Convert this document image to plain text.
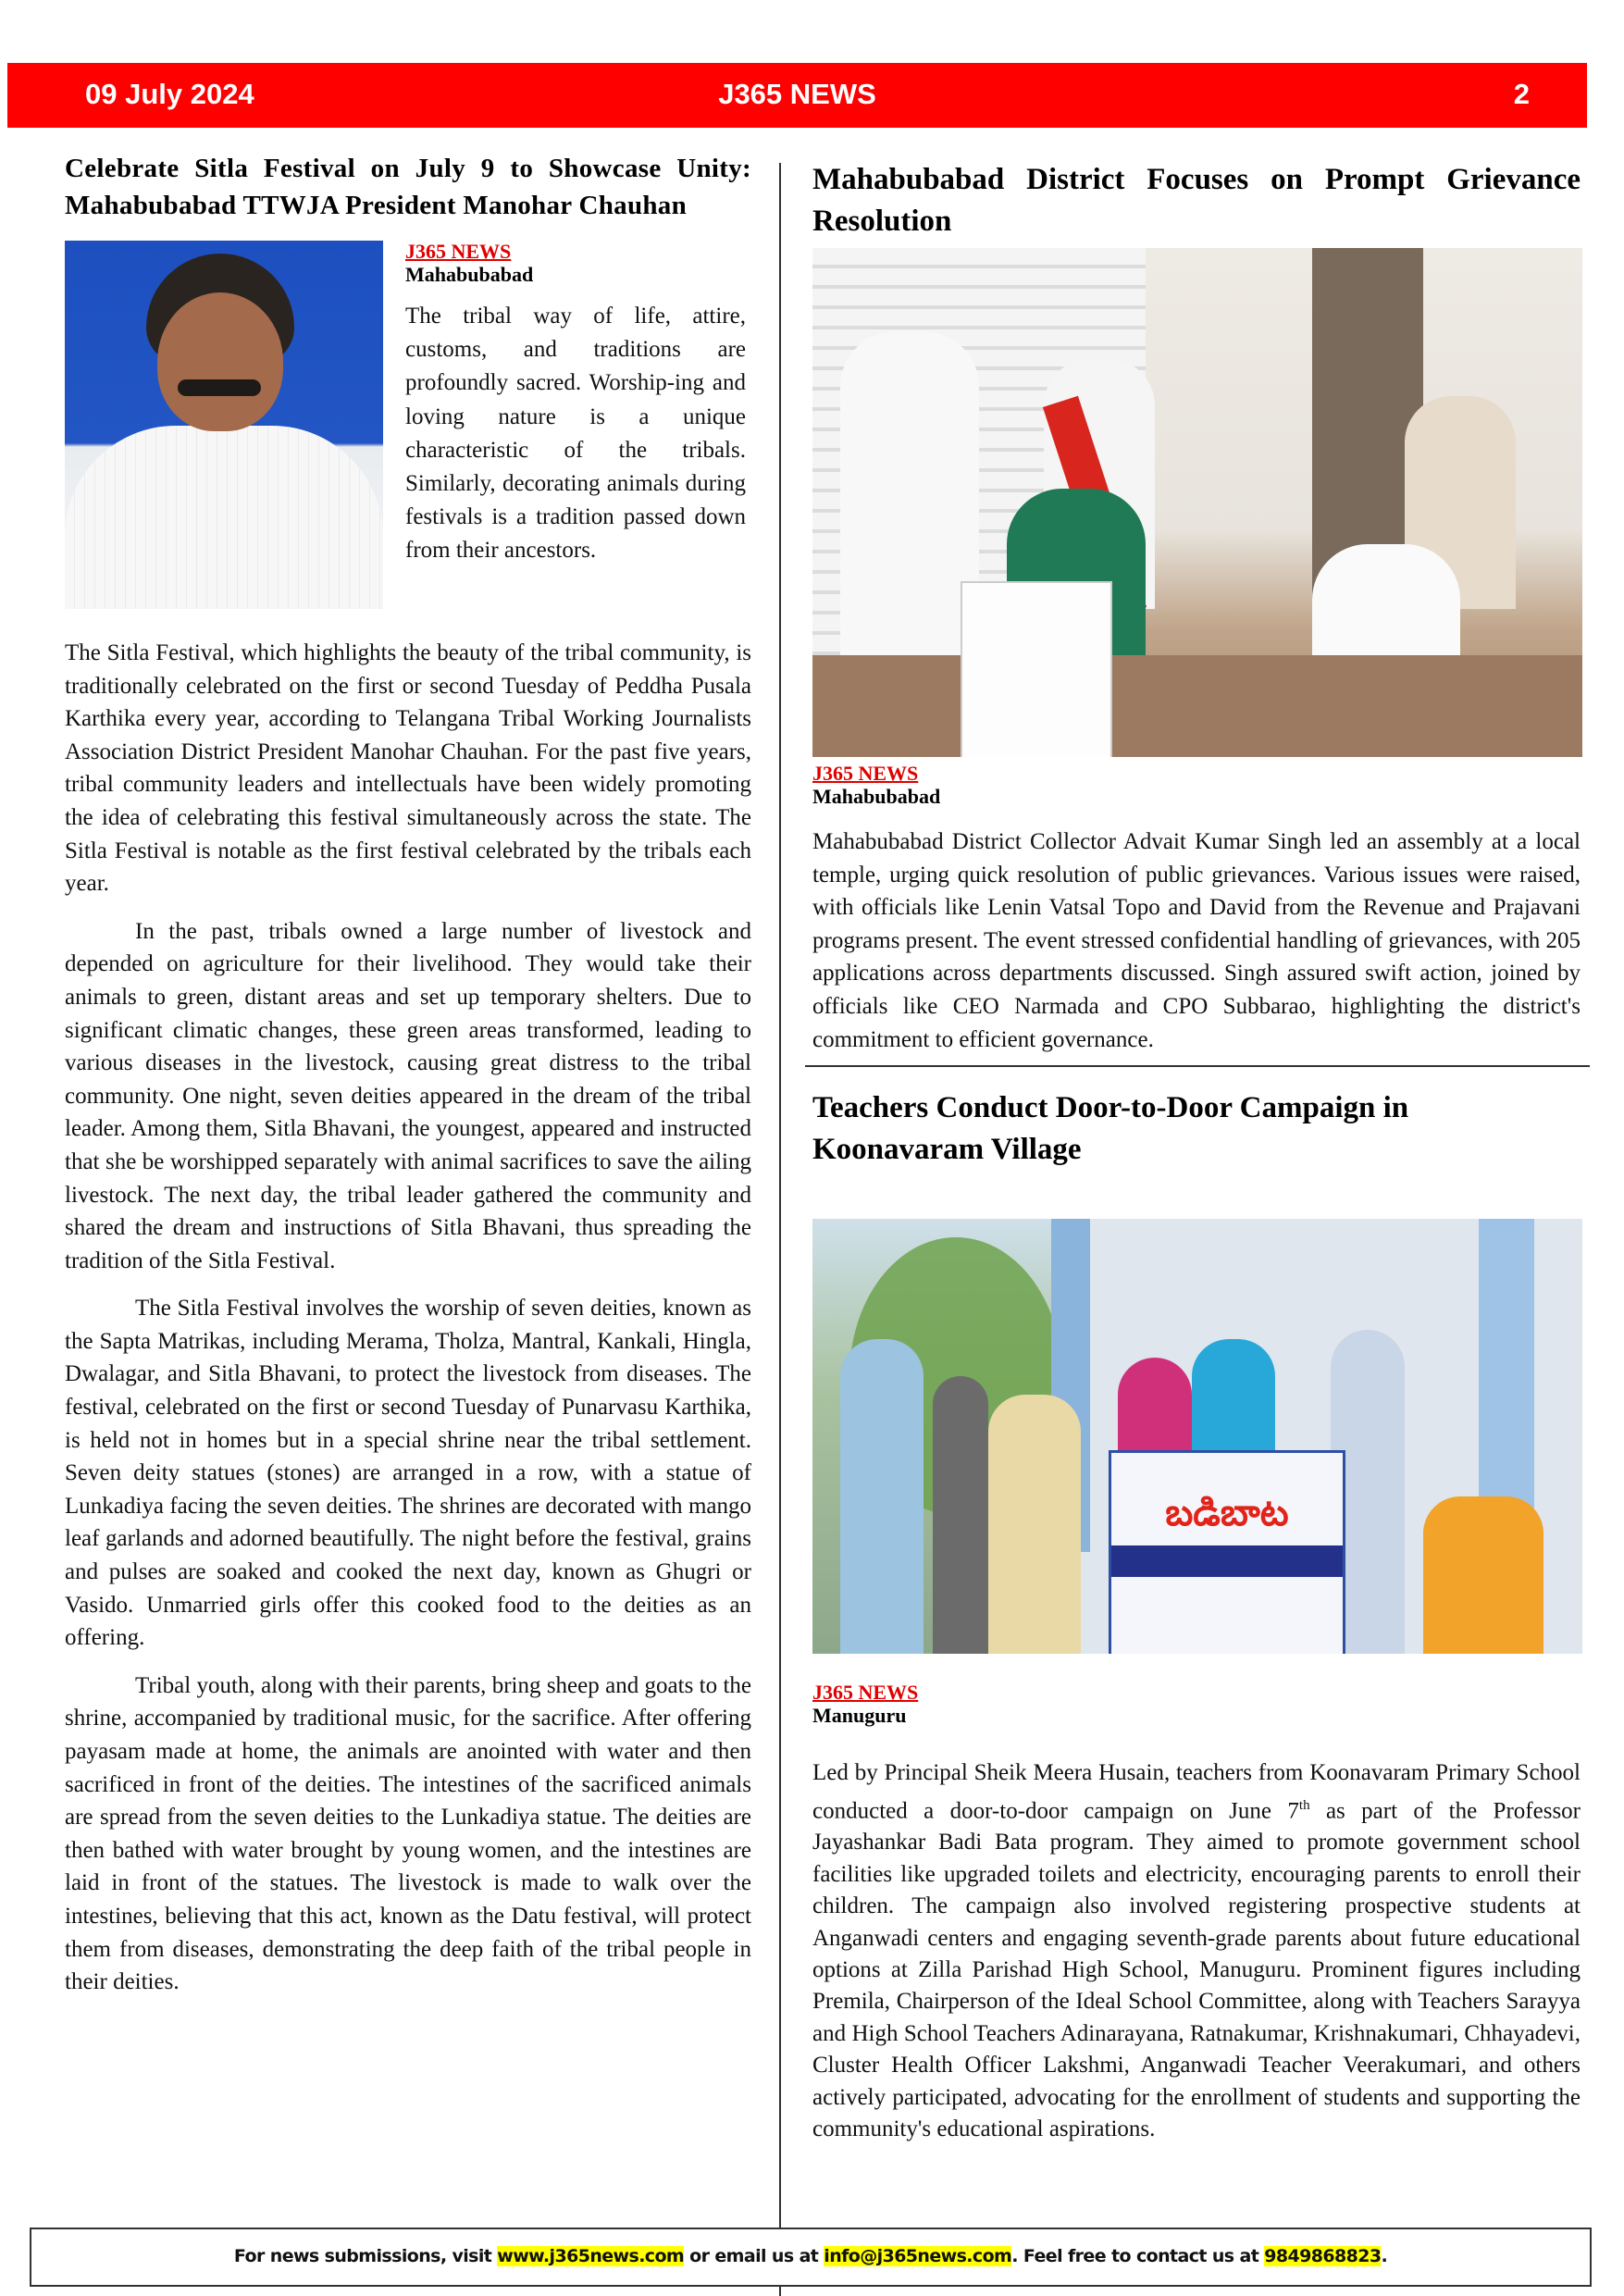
09 July 2024	J365 NEWS	2
Celebrate Sitla Festival on July 9 to Showcase Unity: Mahabubabad TTWJA President Manohar Chauhan
J365 NEWS
Mahabubabad

The tribal way of life, attire, customs, and traditions are profoundly sacred. Worship-ing and loving nature is a unique characteristic of the tribals. Similarly, decorating animals during festivals is a tradition passed down from their ancestors.

The Sitla Festival, which highlights the beauty of the tribal community, is traditionally celebrated on the first or second Tuesday of Peddha Pusala Karthika every year, according to Telangana Tribal Working Journalists Association District President Manohar Chauhan. For the past five years, tribal community leaders and intellectuals have been widely promoting the idea of celebrating this festival simultaneously across the state. The Sitla Festival is notable as the first festival celebrated by the tribals each year.

In the past, tribals owned a large number of livestock and depended on agriculture for their livelihood. They would take their animals to green, distant areas and set up temporary shelters. Due to significant climatic changes, these green areas transformed, leading to various diseases in the livestock, causing great distress to the tribal community. One night, seven deities appeared in the dream of the tribal leader. Among them, Sitla Bhavani, the youngest, appeared and instructed that she be worshipped separately with animal sacrifices to save the ailing livestock. The next day, the tribal leader gathered the community and shared the dream and instructions of Sitla Bhavani, thus spreading the tradition of the Sitla Festival.

The Sitla Festival involves the worship of seven deities, known as the Sapta Matrikas, including Merama, Tholza, Mantral, Kankali, Hingla, Dwalagar, and Sitla Bhavani, to protect the livestock from diseases. The festival, celebrated on the first or second Tuesday of Punarvasu Karthika, is held not in homes but in a special shrine near the tribal settlement. Seven deity statues (stones) are arranged in a row, with a statue of Lunkadiya facing the seven deities. The shrines are decorated with mango leaf garlands and adorned beautifully. The night before the festival, grains and pulses are soaked and cooked the next day, known as Ghugri or Vasido. Unmarried girls offer this cooked food to the deities as an offering.

Tribal youth, along with their parents, bring sheep and goats to the shrine, accompanied by traditional music, for the sacrifice. After offering payasam made at home, the animals are anointed with water and then sacrificed in front of the deities. The intestines of the sacrificed animals are spread from the seven deities to the Lunkadiya statue. The deities are then bathed with water brought by young women, and the intestines are laid in front of the statues. The livestock is made to walk over the intestines, believing that this act, known as the Datu festival, will protect them from diseases, demonstrating the deep faith of the tribal people in their deities.

Mahabubabad District Focuses on Prompt Grievance Resolution
J365 NEWS
Mahabubabad

Mahabubabad District Collector Advait Kumar Singh led an assembly at a local temple, urging quick resolution of public grievances. Various issues were raised, with officials like Lenin Vatsal Topo and David from the Revenue and Prajavani programs present. The event stressed confidential handling of grievances, with 205 applications across departments discussed. Singh assured swift action, joined by officials like CEO Narmada and CPO Subbarao, highlighting the district's commitment to efficient governance.

Teachers Conduct Door-to-Door Campaign in Koonavaram Village
బడిబాట
J365 NEWS
Manuguru

Led by Principal Sheik Meera Husain, teachers from Koonavaram Primary School conducted a door-to-door campaign on June 7th as part of the Professor Jayashankar Badi Bata program. They aimed to promote government school facilities like upgraded toilets and electricity, encouraging parents to enroll their children. The campaign also involved registering prospective students at Anganwadi centers and engaging seventh-grade parents about future educational options at Zilla Parishad High School, Manuguru. Prominent figures including Premila, Chairperson of the Ideal School Committee, along with Teachers Sarayya and High School Teachers Adinarayana, Ratnakumar, Krishnakumari, Chhayadevi, Cluster Health Officer Lakshmi, Anganwadi Teacher Veerakumari, and others actively participated, advocating for the enrollment of students and supporting the community's educational aspirations.

For news submissions, visit www.j365news.com or email us at info@j365news.com. Feel free to contact us at 9849868823.
